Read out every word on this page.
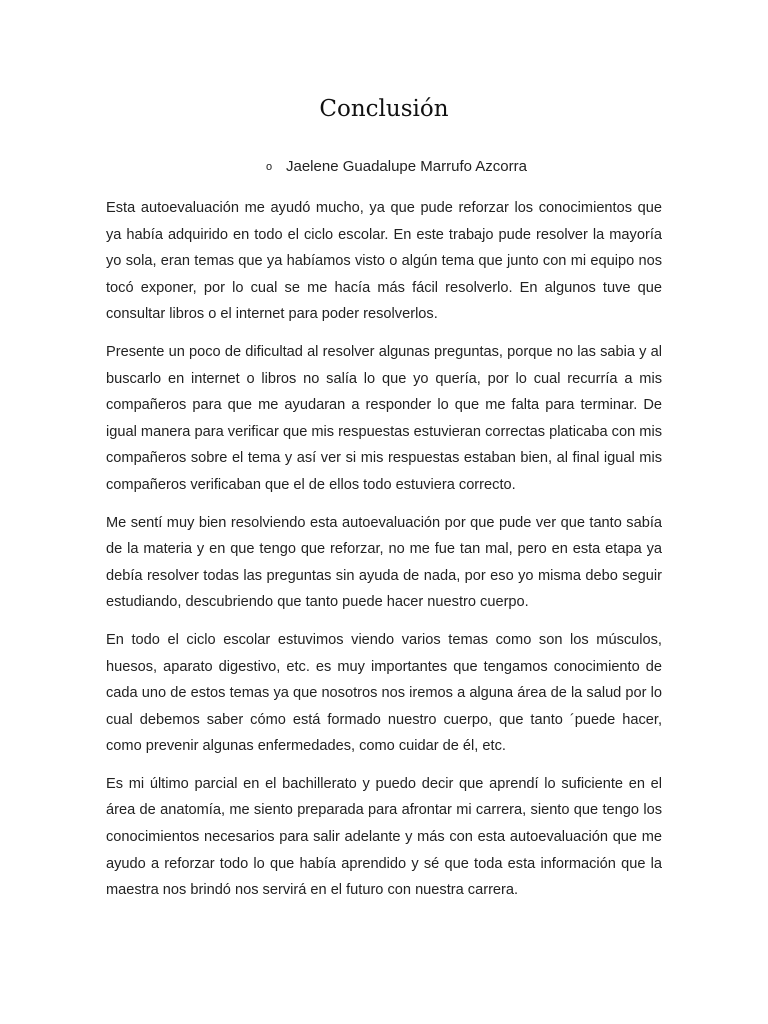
Conclusión
o Jaelene Guadalupe Marrufo Azcorra

Esta autoevaluación me ayudó mucho, ya que pude reforzar los conocimientos que ya había adquirido en todo el ciclo escolar. En este trabajo pude resolver la mayoría yo sola, eran temas que ya habíamos visto o algún tema que junto con mi equipo nos tocó exponer, por lo cual se me hacía más fácil resolverlo. En algunos tuve que consultar libros o el internet para poder resolverlos.

Presente un poco de dificultad al resolver algunas preguntas, porque no las sabia y al buscarlo en internet o libros no salía lo que yo quería, por lo cual recurría a mis compañeros para que me ayudaran a responder lo que me falta para terminar. De igual manera para verificar que mis respuestas estuvieran correctas platicaba con mis compañeros sobre el tema y así ver si mis respuestas estaban bien, al final igual mis compañeros verificaban que el de ellos todo estuviera correcto.

Me sentí muy bien resolviendo esta autoevaluación por que pude ver que tanto sabía de la materia y en que tengo que reforzar, no me fue tan mal, pero en esta etapa ya debía resolver todas las preguntas sin ayuda de nada, por eso yo misma debo seguir estudiando, descubriendo que tanto puede hacer nuestro cuerpo.

En todo el ciclo escolar estuvimos viendo varios temas como son los músculos, huesos, aparato digestivo, etc. es muy importantes que tengamos conocimiento de cada uno de estos temas ya que nosotros nos iremos a alguna área de la salud por lo cual debemos saber cómo está formado nuestro cuerpo, que tanto ´puede hacer, como prevenir algunas enfermedades, como cuidar de él, etc.

Es mi último parcial en el bachillerato y puedo decir que aprendí lo suficiente en el área de anatomía, me siento preparada para afrontar mi carrera, siento que tengo los conocimientos necesarios para salir adelante y más con esta autoevaluación que me ayudo a reforzar todo lo que había aprendido y sé que toda esta información que la maestra nos brindó nos servirá en el futuro con nuestra carrera.
